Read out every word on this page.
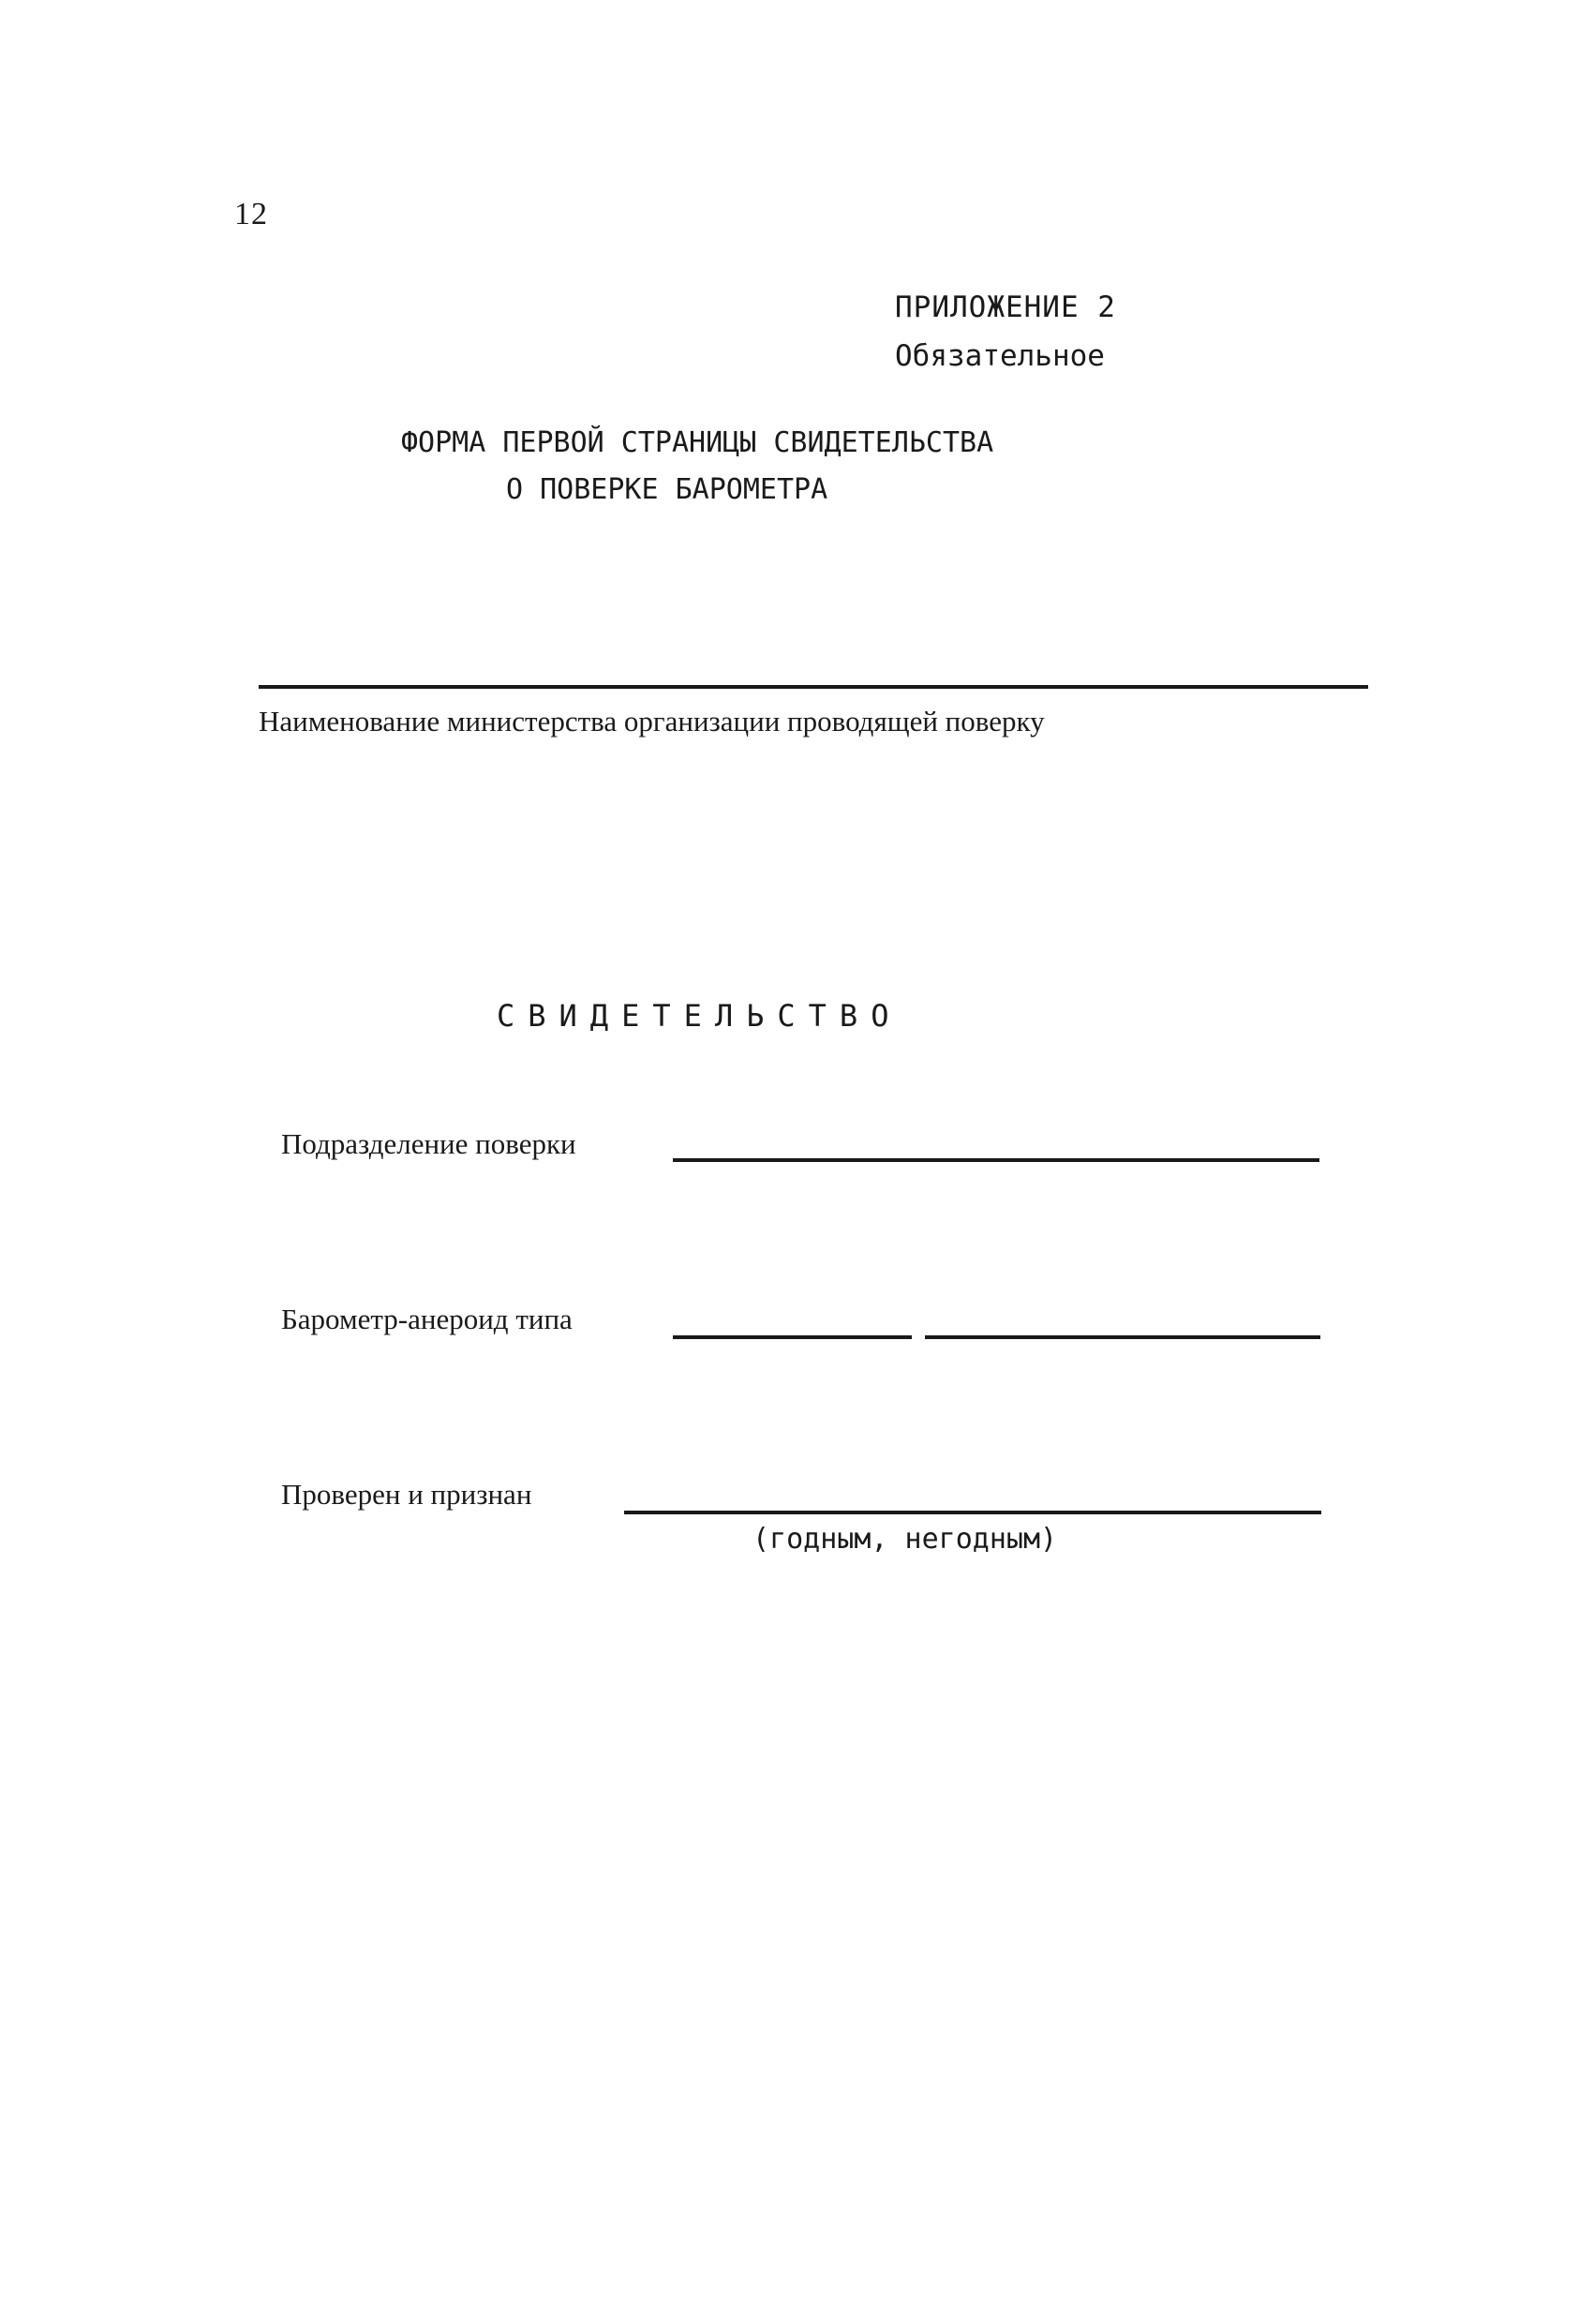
12
ПРИЛОЖЕНИЕ 2
Обязательное
ФОРМА ПЕРВОЙ СТРАНИЦЫ СВИДЕТЕЛЬСТВА
О ПОВЕРКЕ БАРОМЕТРА
Наименование министерства организации проводящей поверку
СВИДЕТЕЛЬСТВО
Подразделение поверки
Барометр-анероид типа
Проверен и признан
(годным, негодным)
